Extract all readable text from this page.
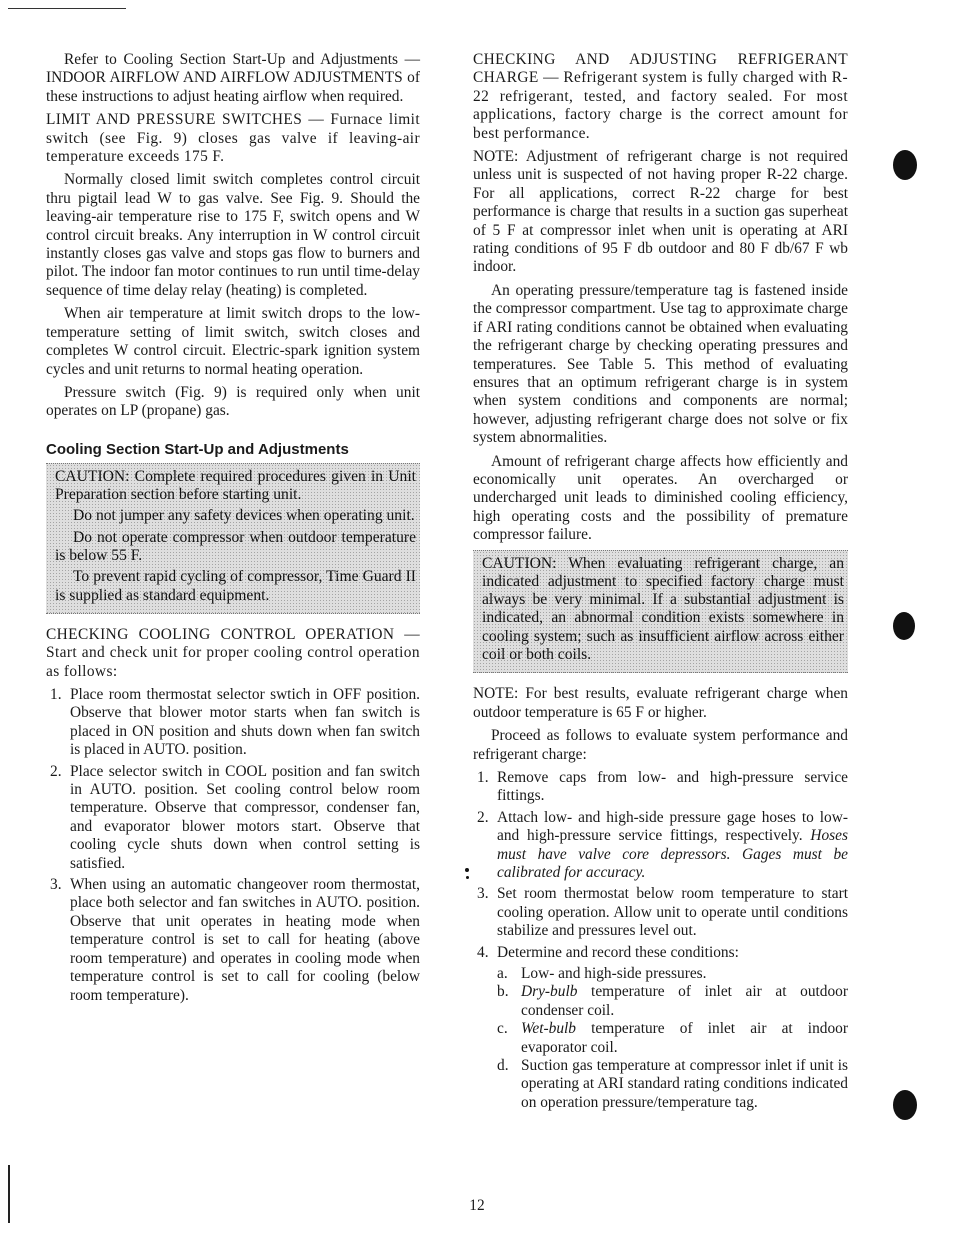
Refer to Cooling Section Start-Up and Adjustments — INDOOR AIRFLOW AND AIRFLOW ADJUSTMENTS of these instructions to adjust heating airflow when required.

LIMIT AND PRESSURE SWITCHES — Furnace limit switch (see Fig. 9) closes gas valve if leaving-air temperature exceeds 175 F.

Normally closed limit switch completes control circuit thru pigtail lead W to gas valve. See Fig. 9. Should the leaving-air temperature rise to 175 F, switch opens and W control circuit breaks. Any interruption in W control circuit instantly closes gas valve and stops gas flow to burners and pilot. The indoor fan motor continues to run until time-delay sequence of time delay relay (heating) is completed.

When air temperature at limit switch drops to the low-temperature setting of limit switch, switch closes and completes W control circuit. Electric-spark ignition system cycles and unit returns to normal heating operation.

Pressure switch (Fig. 9) is required only when unit operates on LP (propane) gas.

Cooling Section Start-Up and Adjustments

CAUTION: Complete required procedures given in Unit Preparation section before starting unit.

Do not jumper any safety devices when operating unit.

Do not operate compressor when outdoor temperature is below 55 F.

To prevent rapid cycling of compressor, Time Guard II is supplied as standard equipment.

CHECKING COOLING CONTROL OPERATION — Start and check unit for proper cooling control operation as follows:

1. Place room thermostat selector swtich in OFF position. Observe that blower motor starts when fan switch is placed in ON position and shuts down when fan switch is placed in AUTO. position.
2. Place selector switch in COOL position and fan switch in AUTO. position. Set cooling control below room temperature. Observe that compressor, condenser fan, and evaporator blower motors start. Observe that cooling cycle shuts down when control setting is satisfied.
3. When using an automatic changeover room thermostat, place both selector and fan switches in AUTO. position. Observe that unit operates in heating mode when temperature control is set to call for heating (above room temperature) and operates in cooling mode when temperature control is set to call for cooling (below room temperature).

CHECKING AND ADJUSTING REFRIGERANT CHARGE — Refrigerant system is fully charged with R-22 refrigerant, tested, and factory sealed. For most applications, factory charge is the correct amount for best performance.

NOTE: Adjustment of refrigerant charge is not required unless unit is suspected of not having proper R-22 charge. For all applications, correct R-22 charge for best performance is charge that results in a suction gas superheat of 5 F at compressor inlet when unit is operating at ARI rating conditions of 95 F db outdoor and 80 F db/67 F wb indoor.

An operating pressure/temperature tag is fastened inside the compressor compartment. Use tag to approximate charge if ARI rating conditions cannot be obtained when evaluating the refrigerant charge by checking operating pressures and temperatures. See Table 5. This method of evaluating ensures that an optimum refrigerant charge is in system when system conditions and components are normal; however, adjusting refrigerant charge does not solve or fix system abnormalities.

Amount of refrigerant charge affects how efficiently and economically unit operates. An overcharged or undercharged unit leads to diminished cooling efficiency, high operating costs and the possibility of premature compressor failure.

CAUTION: When evaluating refrigerant charge, an indicated adjustment to specified factory charge must always be very minimal. If a substantial adjustment is indicated, an abnormal condition exists somewhere in cooling system; such as insufficient airflow across either coil or both coils.

NOTE: For best results, evaluate refrigerant charge when outdoor temperature is 65 F or higher.

Proceed as follows to evaluate system performance and refrigerant charge:

1. Remove caps from low- and high-pressure service fittings.
2. Attach low- and high-side pressure gage hoses to low- and high-pressure service fittings, respectively. Hoses must have valve core depressors. Gages must be calibrated for accuracy.
3. Set room thermostat below room temperature to start cooling operation. Allow unit to operate until conditions stabilize and pressures level out.
4. Determine and record these conditions:
a. Low- and high-side pressures.
b. Dry-bulb temperature of inlet air at outdoor condenser coil.
c. Wet-bulb temperature of inlet air at indoor evaporator coil.
d. Suction gas temperature at compressor inlet if unit is operating at ARI standard rating conditions indicated on operation pressure/temperature tag.
12
